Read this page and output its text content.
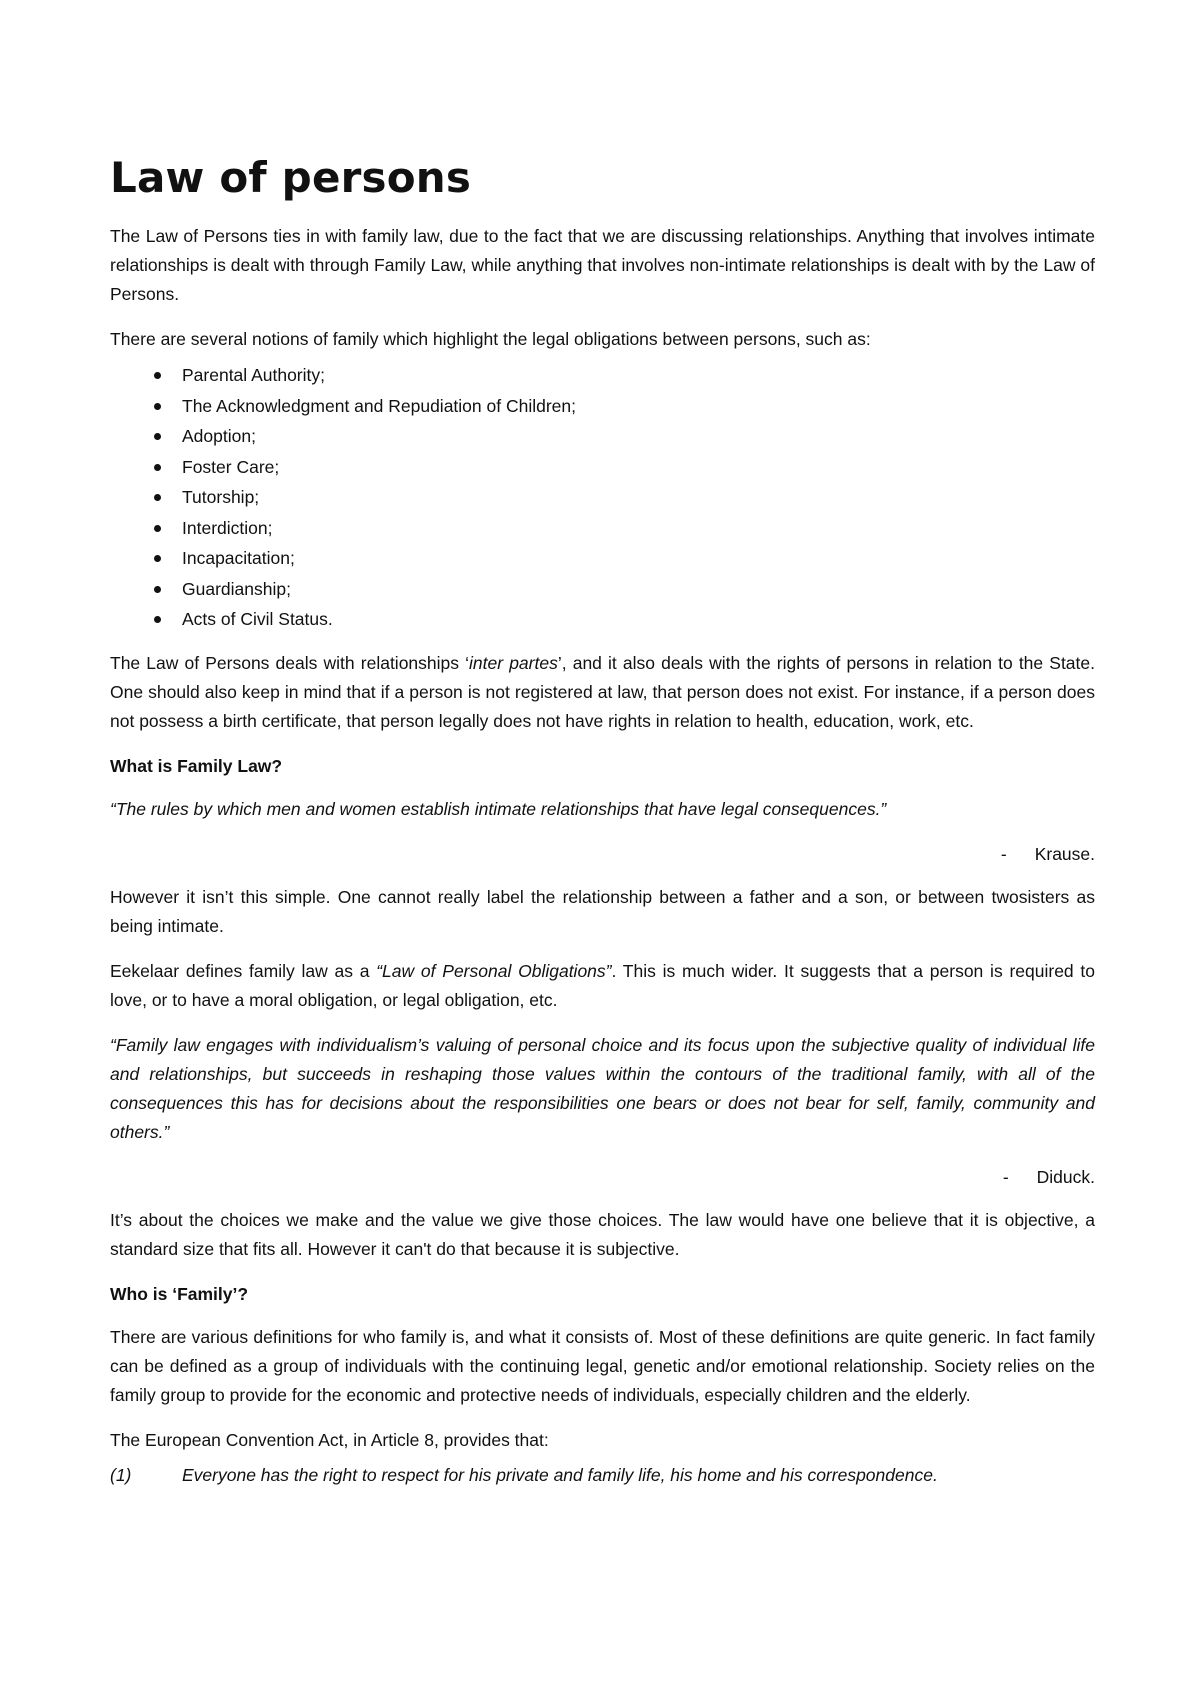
Law of persons

The Law of Persons ties in with family law, due to the fact that we are discussing relationships. Anything that involves intimate relationships is dealt with through Family Law, while anything that involves non-intimate relationships is dealt with by the Law of Persons.

There are several notions of family which highlight the legal obligations between persons, such as:

Parental Authority;
The Acknowledgment and Repudiation of Children;
Adoption;
Foster Care;
Tutorship;
Interdiction;
Incapacitation;
Guardianship;
Acts of Civil Status.

The Law of Persons deals with relationships ‘inter partes’, and it also deals with the rights of persons in relation to the State. One should also keep in mind that if a person is not registered at law, that person does not exist. For instance, if a person does not possess a birth certificate, that person legally does not have rights in relation to health, education, work, etc.

What is Family Law?

“The rules by which men and women establish intimate relationships that have legal consequences.”

- Krause.

However it isn’t this simple. One cannot really label the relationship between a father and a son, or between twosisters as being intimate.

Eekelaar defines family law as a “Law of Personal Obligations”. This is much wider. It suggests that a person is required to love, or to have a moral obligation, or legal obligation, etc.

“Family law engages with individualism’s valuing of personal choice and its focus upon the subjective quality of individual life and relationships, but succeeds in reshaping those values within the contours of the traditional family, with all of the consequences this has for decisions about the responsibilities one bears or does not bear for self, family, community and others.”

- Diduck.

It’s about the choices we make and the value we give those choices. The law would have one believe that it is objective, a standard size that fits all. However it can't do that because it is subjective.

Who is ‘Family’?

There are various definitions for who family is, and what it consists of. Most of these definitions are quite generic. In fact family can be defined as a group of individuals with the continuing legal, genetic and/or emotional relationship. Society relies on the family group to provide for the economic and protective needs of individuals, especially children and the elderly.

The European Convention Act, in Article 8, provides that:

(1)	Everyone has the right to respect for his private and family life, his home and his correspondence.
